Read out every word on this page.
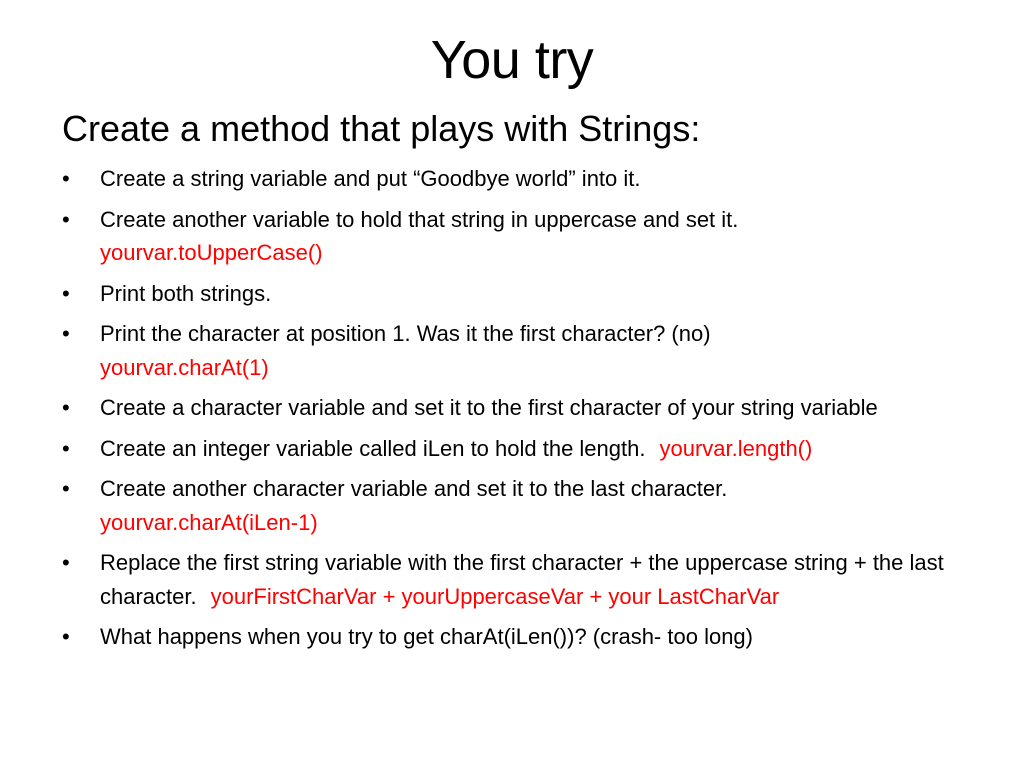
You try
Create a method that plays with Strings:
•	Create a string variable and put “Goodbye world” into it.
•	Create another variable to hold that string in uppercase and set it.
yourvar.toUpperCase()
•	Print both strings.
•	Print the character at position 1. Was it the first character? (no)
yourvar.charAt(1)
•	Create a character variable and set it to the first character of your string variable
•	Create an integer variable called iLen to hold the length. yourvar.length()
•	Create another character variable and set it to the last character.
yourvar.charAt(iLen-1)
•	Replace the first string variable with the first character + the uppercase string + the last character. yourFirstCharVar + yourUppercaseVar + your LastCharVar
•	What happens when you try to get charAt(iLen())? (crash- too long)
